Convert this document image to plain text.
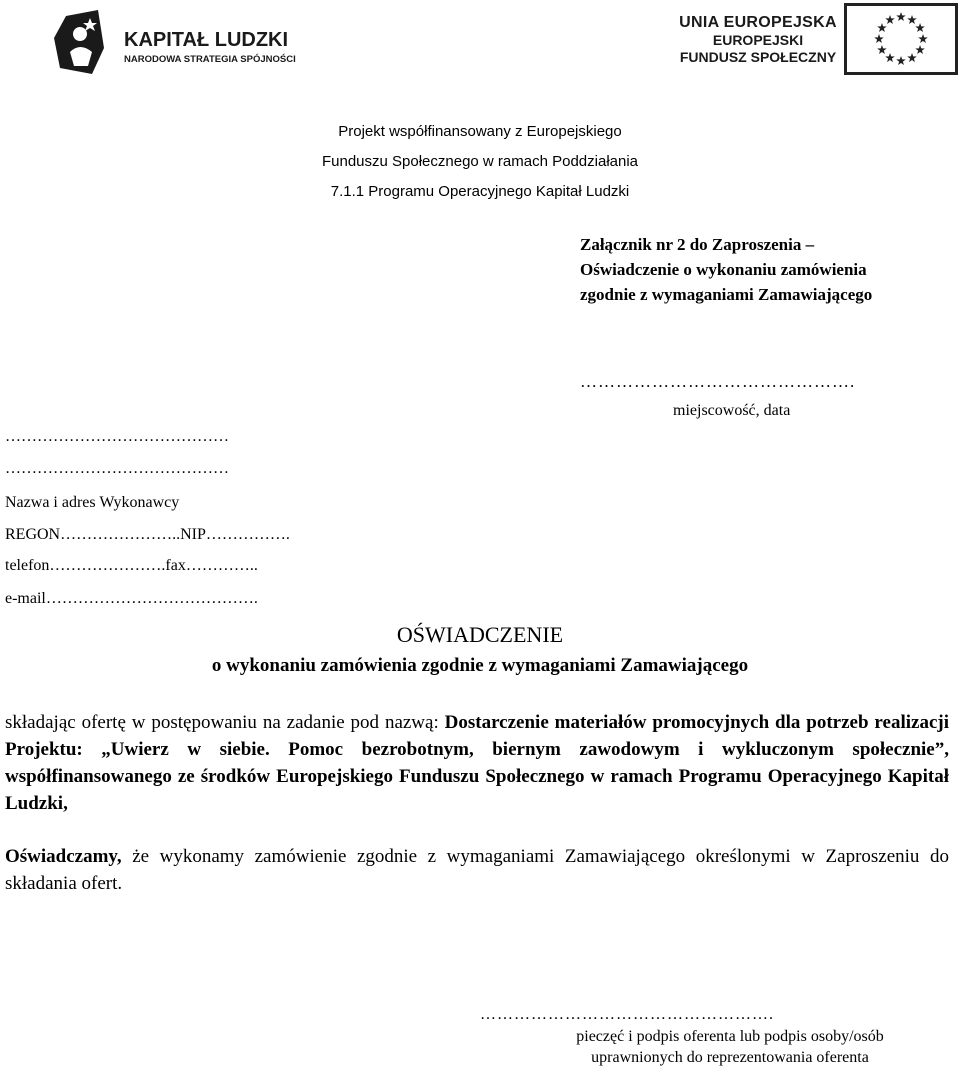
KAPITAŁ LUDZKI
NARODOWA STRATEGIA SPÓJNOŚCI
UNIA EUROPEJSKA
EUROPEJSKI
FUNDUSZ SPOŁECZNY
Projekt współfinansowany z Europejskiego
Funduszu Społecznego w ramach Poddziałania
7.1.1 Programu Operacyjnego Kapitał Ludzki
Załącznik nr 2 do Zaproszenia –
Oświadczenie o wykonaniu zamówienia
zgodnie z wymaganiami Zamawiającego
……………………………………….
miejscowość, data
……………………………………
……………………………………
Nazwa i adres Wykonawcy
REGON…………………..NIP…………….
telefon………………….fax…………..
e-mail………………………………….
OŚWIADCZENIE
o wykonaniu zamówienia zgodnie z wymaganiami Zamawiającego
składając ofertę w postępowaniu na zadanie pod nazwą: Dostarczenie materiałów promocyjnych dla potrzeb realizacji Projektu: „Uwierz w siebie. Pomoc bezrobotnym, biernym zawodowym i wykluczonym społecznie”, współfinansowanego ze środków Europejskiego Funduszu Społecznego w ramach Programu Operacyjnego Kapitał Ludzki,
Oświadczamy, że wykonamy zamówienie zgodnie z wymaganiami Zamawiającego określonymi w Zaproszeniu do składania ofert.
…………………………………………….
pieczęć i podpis oferenta lub podpis osoby/osób
uprawnionych do reprezentowania oferenta
